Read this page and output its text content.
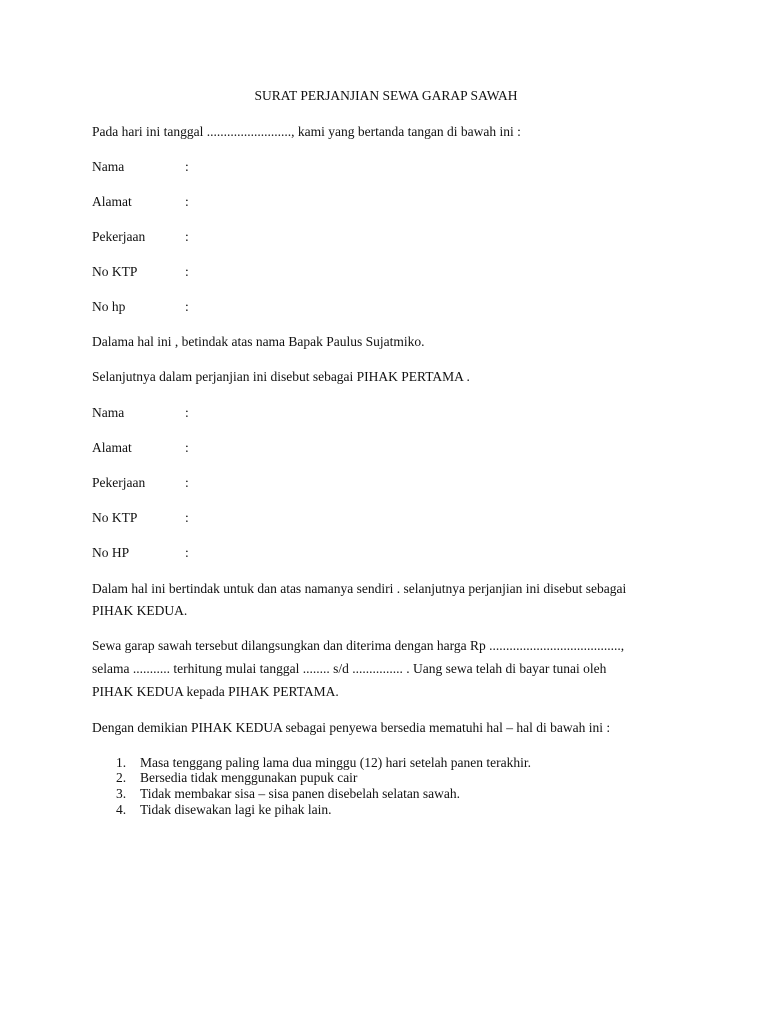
SURAT PERJANJIAN SEWA GARAP SAWAH
Pada hari ini tanggal ........................., kami yang bertanda tangan di bawah ini :
Nama	:
Alamat	:
Pekerjaan	:
No KTP	:
No hp	:
Dalama hal ini , betindak atas nama Bapak Paulus Sujatmiko.
Selanjutnya dalam perjanjian ini disebut sebagai PIHAK PERTAMA .
Nama	:
Alamat	:
Pekerjaan	:
No KTP	:
No HP	:
Dalam hal ini bertindak untuk dan atas namanya sendiri . selanjutnya perjanjian ini disebut sebagai
PIHAK KEDUA.
Sewa garap sawah tersebut dilangsungkan dan diterima dengan harga Rp .......................................,
selama ........... terhitung mulai tanggal ........ s/d ............... . Uang sewa telah di bayar tunai oleh
PIHAK KEDUA kepada PIHAK PERTAMA.
Dengan demikian PIHAK KEDUA sebagai penyewa bersedia mematuhi hal – hal di bawah ini :
1. Masa tenggang paling lama dua minggu (12) hari setelah panen terakhir.
2. Bersedia tidak menggunakan pupuk cair
3. Tidak membakar sisa – sisa panen disebelah selatan sawah.
4. Tidak disewakan lagi ke pihak lain.
